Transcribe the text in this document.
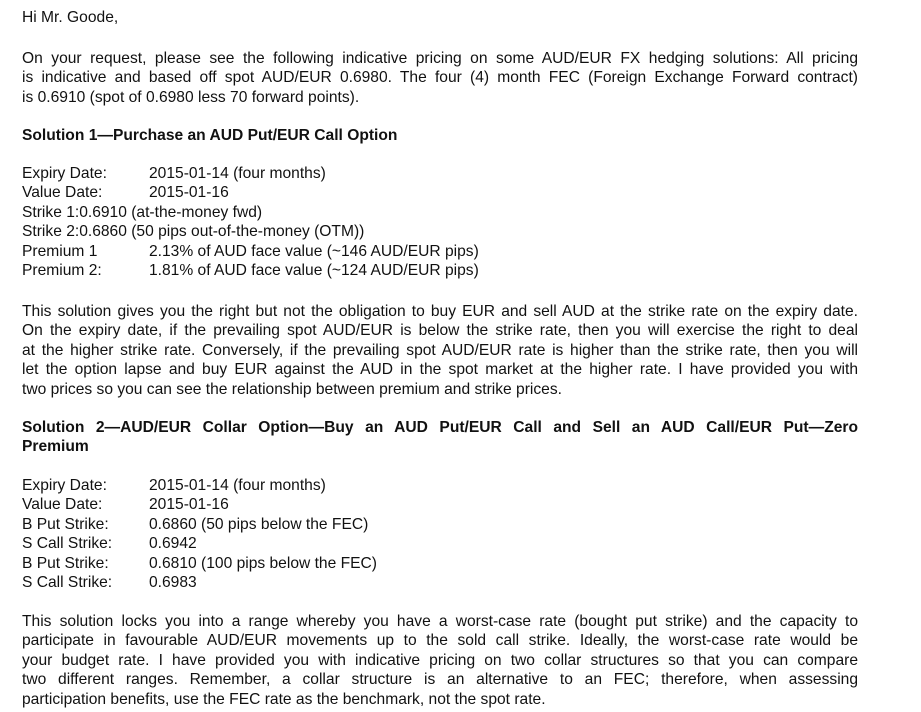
Hi Mr. Goode,
On your request, please see the following indicative pricing on some AUD/EUR FX hedging solutions: All pricing
is indicative and based off spot AUD/EUR 0.6980. The four (4) month FEC (Foreign Exchange Forward contract)
is 0.6910 (spot of 0.6980 less 70 forward points).
Solution 1—Purchase an AUD Put/EUR Call Option
Expiry Date:	2015-01-14 (four months)
Value Date:	2015-01-16
Strike 1: 0.6910 (at-the-money fwd)
Strike 2: 0.6860 (50 pips out-of-the-money (OTM))
Premium 1	2.13% of AUD face value (~146 AUD/EUR pips)
Premium 2:	1.81% of AUD face value (~124 AUD/EUR pips)
This solution gives you the right but not the obligation to buy EUR and sell AUD at the strike rate on the expiry date.
On the expiry date, if the prevailing spot AUD/EUR is below the strike rate, then you will exercise the right to deal
at the higher strike rate. Conversely, if the prevailing spot AUD/EUR rate is higher than the strike rate, then you will
let the option lapse and buy EUR against the AUD in the spot market at the higher rate. I have provided you with
two prices so you can see the relationship between premium and strike prices.
Solution 2—AUD/EUR Collar Option—Buy an AUD Put/EUR Call and Sell an AUD Call/EUR Put—Zero
Premium
Expiry Date:	2015-01-14 (four months)
Value Date:	2015-01-16
B Put Strike:	0.6860 (50 pips below the FEC)
S Call Strike:	0.6942
B Put Strike:	0.6810 (100 pips below the FEC)
S Call Strike:	0.6983
This solution locks you into a range whereby you have a worst-case rate (bought put strike) and the capacity to
participate in favourable AUD/EUR movements up to the sold call strike. Ideally, the worst-case rate would be
your budget rate. I have provided you with indicative pricing on two collar structures so that you can compare
two different ranges. Remember, a collar structure is an alternative to an FEC; therefore, when assessing
participation benefits, use the FEC rate as the benchmark, not the spot rate.
